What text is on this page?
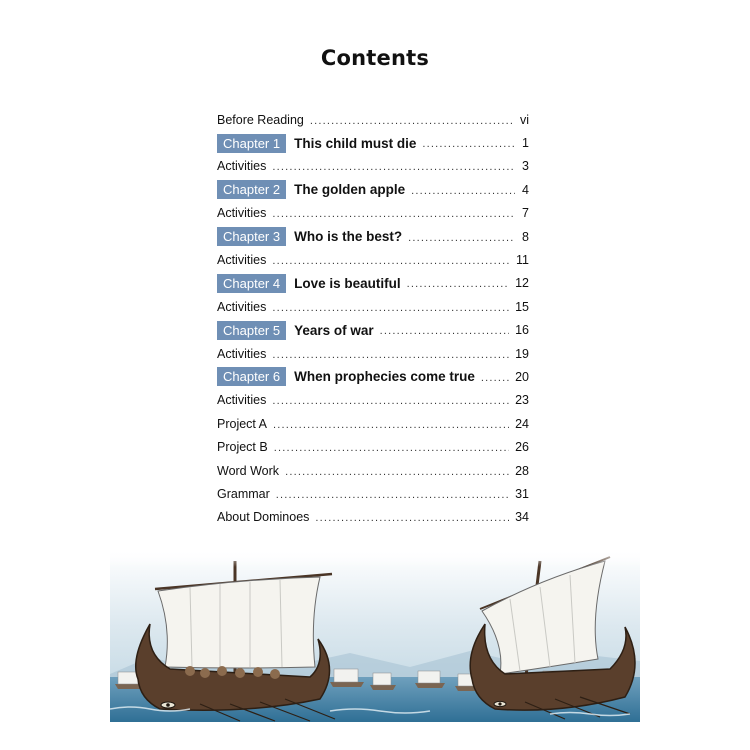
Contents
Before Reading .....	vi
Chapter 1	This child must die .....	1
Activities .....	3
Chapter 2	The golden apple .....	4
Activities .....	7
Chapter 3	Who is the best? .....	8
Activities .....	11
Chapter 4	Love is beautiful .....	12
Activities .....	15
Chapter 5	Years of war .....	16
Activities .....	19
Chapter 6	When prophecies come true .....	20
Activities .....	23
Project A .....	24
Project B .....	26
Word Work .....	28
Grammar .....	31
About Dominoes .....	34
